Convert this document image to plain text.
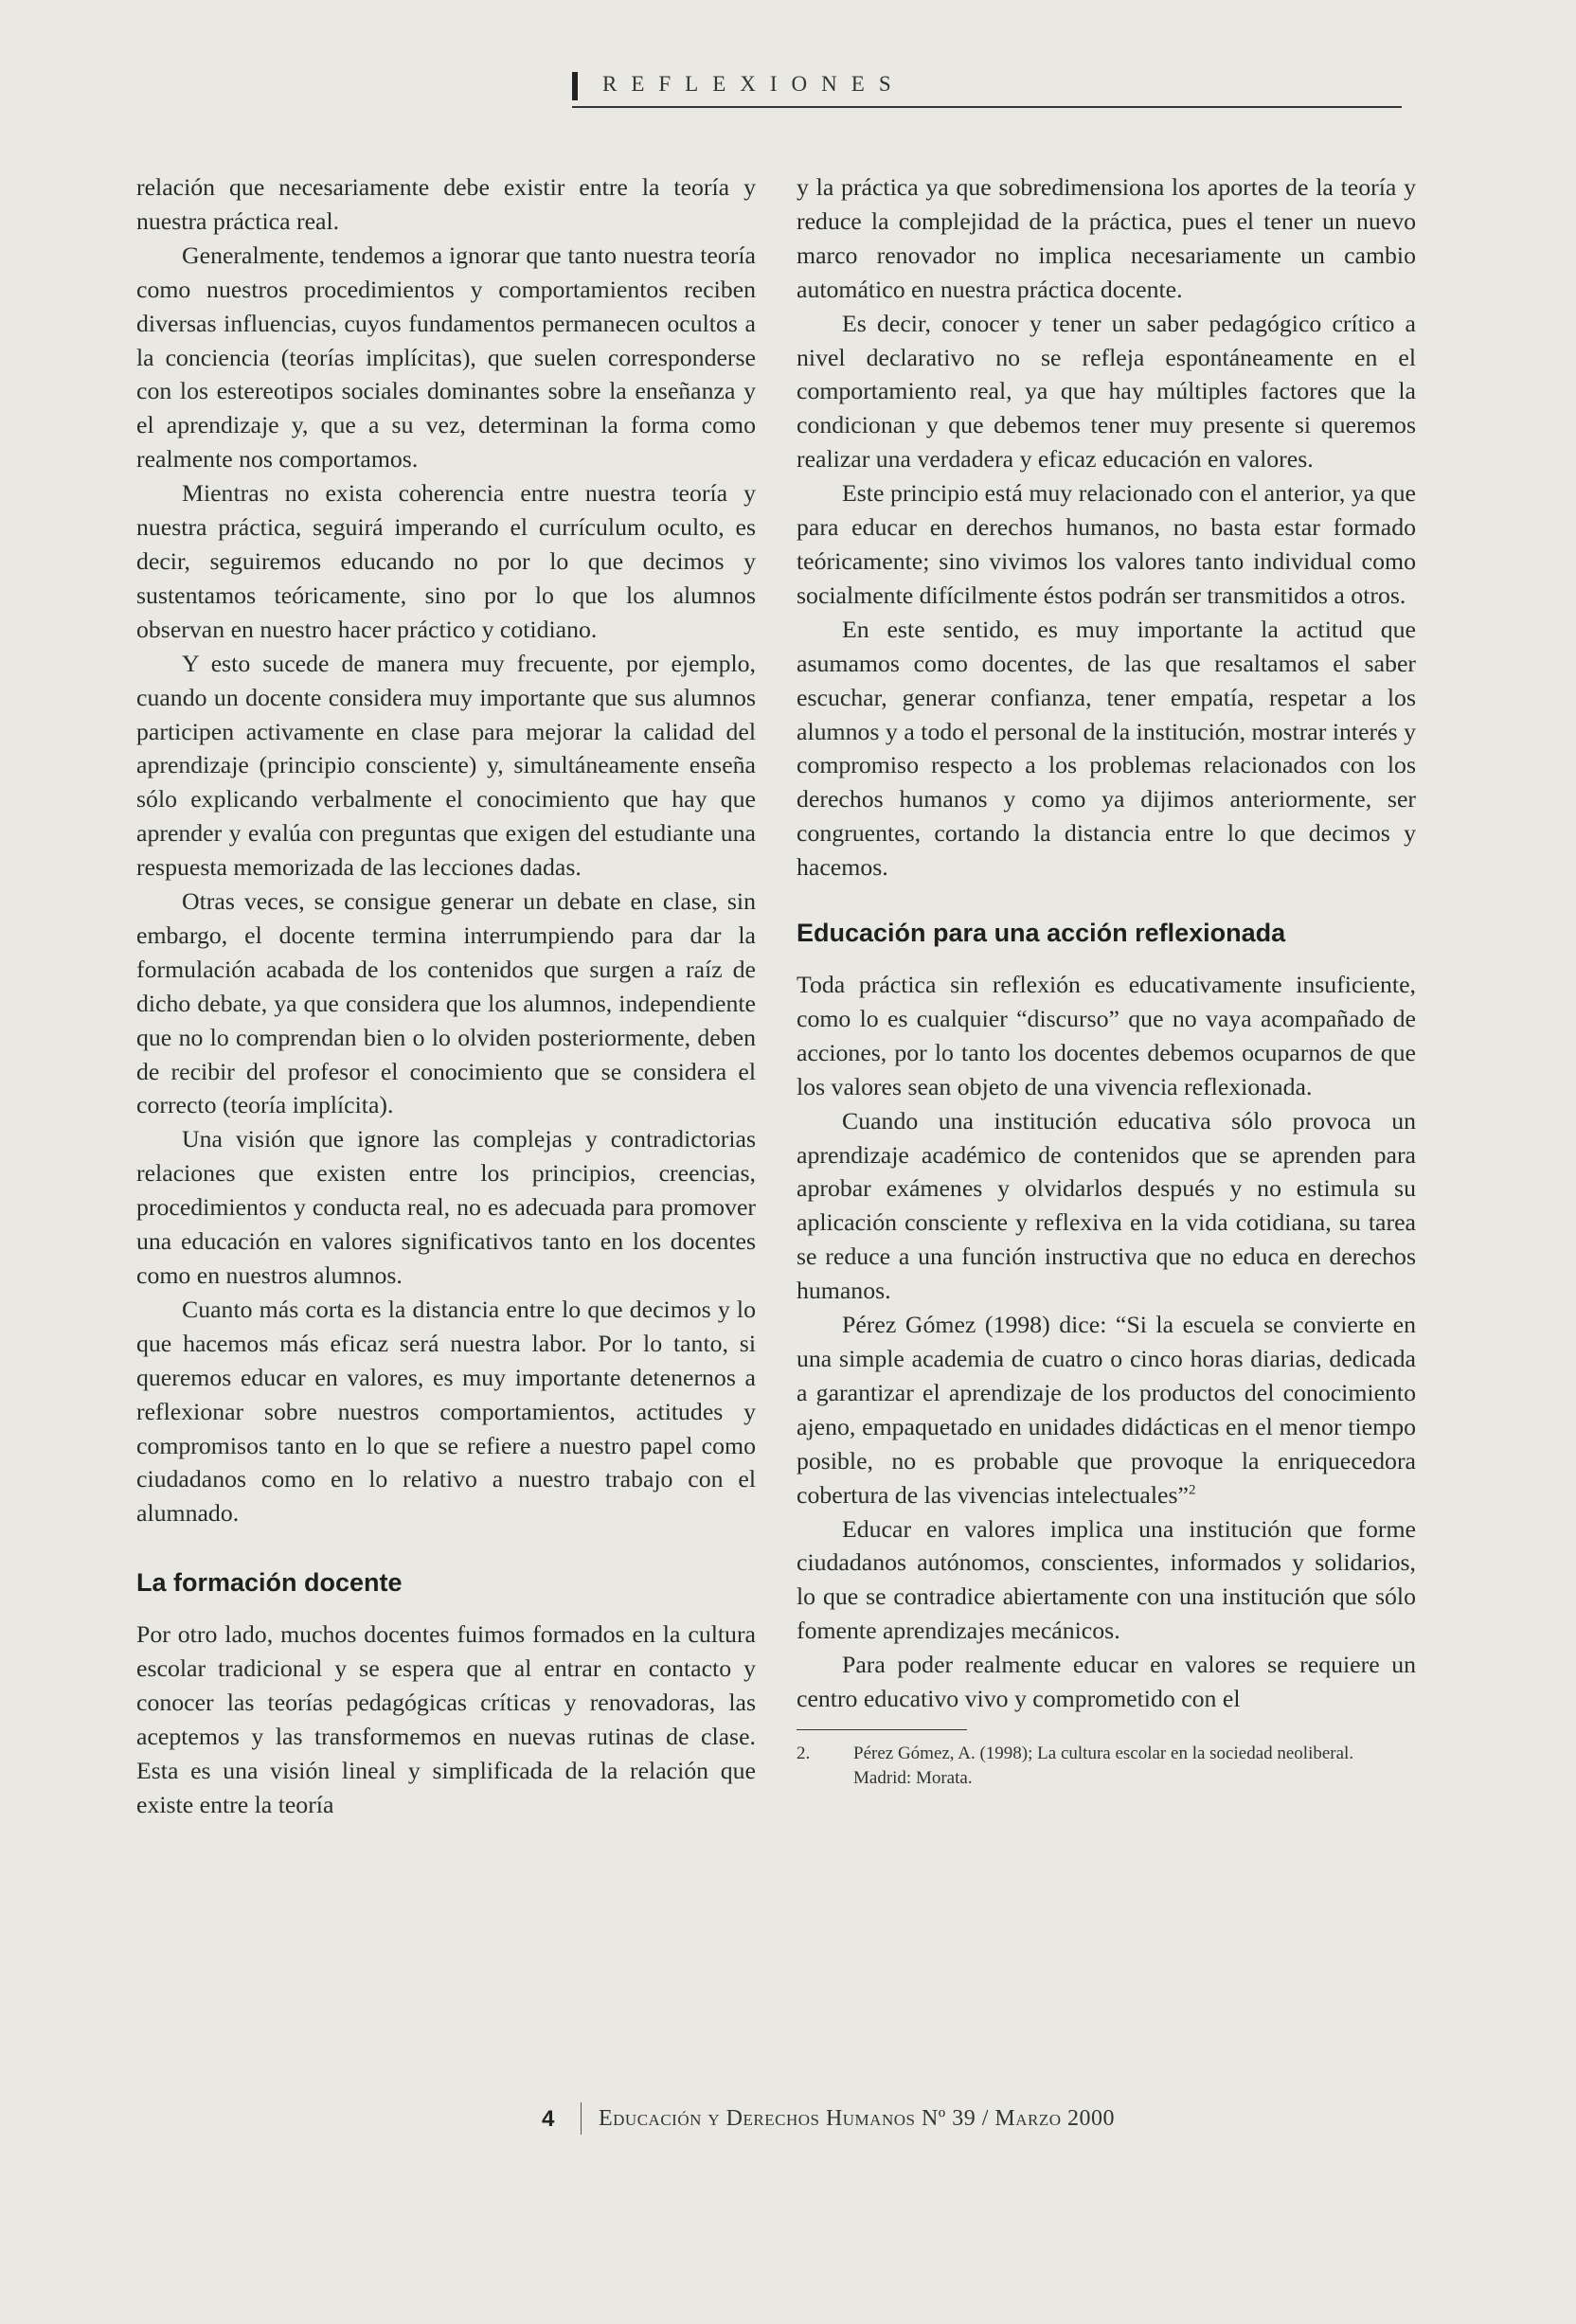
REFLEXIONES

relación que necesariamente debe existir entre la teoría y nuestra práctica real.

Generalmente, tendemos a ignorar que tanto nuestra teoría como nuestros procedimientos y comportamientos reciben diversas influencias, cuyos fundamentos permanecen ocultos a la conciencia (teorías implícitas), que suelen corresponderse con los estereotipos sociales dominantes sobre la enseñanza y el aprendizaje y, que a su vez, determinan la forma como realmente nos comportamos.

Mientras no exista coherencia entre nuestra teoría y nuestra práctica, seguirá imperando el currículum oculto, es decir, seguiremos educando no por lo que decimos y sustentamos teóricamente, sino por lo que los alumnos observan en nuestro hacer práctico y cotidiano.

Y esto sucede de manera muy frecuente, por ejemplo, cuando un docente considera muy importante que sus alumnos participen activamente en clase para mejorar la calidad del aprendizaje (principio consciente) y, simultáneamente enseña sólo explicando verbalmente el conocimiento que hay que aprender y evalúa con preguntas que exigen del estudiante una respuesta memorizada de las lecciones dadas.

Otras veces, se consigue generar un debate en clase, sin embargo, el docente termina interrumpiendo para dar la formulación acabada de los contenidos que surgen a raíz de dicho debate, ya que considera que los alumnos, independiente que no lo comprendan bien o lo olviden posteriormente, deben de recibir del profesor el conocimiento que se considera el correcto (teoría implícita).

Una visión que ignore las complejas y contradictorias relaciones que existen entre los principios, creencias, procedimientos y conducta real, no es adecuada para promover una educación en valores significativos tanto en los docentes como en nuestros alumnos.

Cuanto más corta es la distancia entre lo que decimos y lo que hacemos más eficaz será nuestra labor. Por lo tanto, si queremos educar en valores, es muy importante detenernos a reflexionar sobre nuestros comportamientos, actitudes y compromisos tanto en lo que se refiere a nuestro papel como ciudadanos como en lo relativo a nuestro trabajo con el alumnado.

La formación docente

Por otro lado, muchos docentes fuimos formados en la cultura escolar tradicional y se espera que al entrar en contacto y conocer las teorías pedagógicas críticas y renovadoras, las aceptemos y las transformemos en nuevas rutinas de clase. Esta es una visión lineal y simplificada de la relación que existe entre la teoría

y la práctica ya que sobredimensiona los aportes de la teoría y reduce la complejidad de la práctica, pues el tener un nuevo marco renovador no implica necesariamente un cambio automático en nuestra práctica docente.

Es decir, conocer y tener un saber pedagógico crítico a nivel declarativo no se refleja espontáneamente en el comportamiento real, ya que hay múltiples factores que la condicionan y que debemos tener muy presente si queremos realizar una verdadera y eficaz educación en valores.

Este principio está muy relacionado con el anterior, ya que para educar en derechos humanos, no basta estar formado teóricamente; sino vivimos los valores tanto individual como socialmente difícilmente éstos podrán ser transmitidos a otros.

En este sentido, es muy importante la actitud que asumamos como docentes, de las que resaltamos el saber escuchar, generar confianza, tener empatía, respetar a los alumnos y a todo el personal de la institución, mostrar interés y compromiso respecto a los problemas relacionados con los derechos humanos y como ya dijimos anteriormente, ser congruentes, cortando la distancia entre lo que decimos y hacemos.

Educación para una acción reflexionada

Toda práctica sin reflexión es educativamente insuficiente, como lo es cualquier “discurso” que no vaya acompañado de acciones, por lo tanto los docentes debemos ocuparnos de que los valores sean objeto de una vivencia reflexionada.

Cuando una institución educativa sólo provoca un aprendizaje académico de contenidos que se aprenden para aprobar exámenes y olvidarlos después y no estimula su aplicación consciente y reflexiva en la vida cotidiana, su tarea se reduce a una función instructiva que no educa en derechos humanos.

Pérez Gómez (1998) dice: “Si la escuela se convierte en una simple academia de cuatro o cinco horas diarias, dedicada a garantizar el aprendizaje de los productos del conocimiento ajeno, empaquetado en unidades didácticas en el menor tiempo posible, no es probable que provoque la enriquecedora cobertura de las vivencias intelectuales”$^2$

Educar en valores implica una institución que forme ciudadanos autónomos, conscientes, informados y solidarios, lo que se contradice abiertamente con una institución que sólo fomente aprendizajes mecánicos.

Para poder realmente educar en valores se requiere un centro educativo vivo y comprometido con el

2.	Pérez Gómez, A. (1998); La cultura escolar en la sociedad neoliberal. Madrid: Morata.
4 Educación y Derechos Humanos Nº 39 / Marzo 2000
